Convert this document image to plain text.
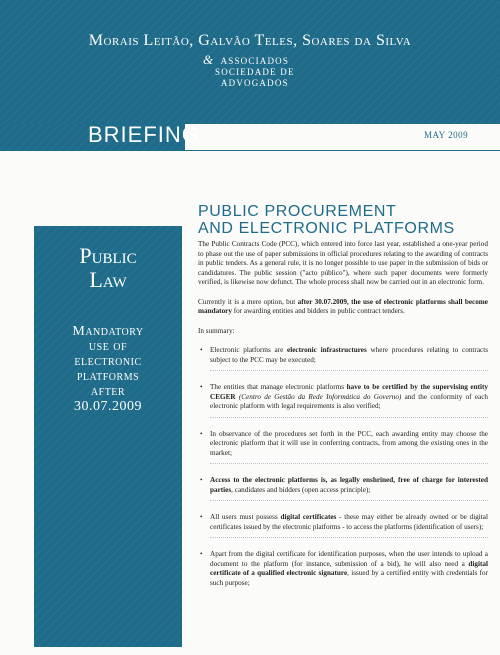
Morais Leitão, Galvão Teles, Soares da Silva
& ASSOCIADOS
SOCIEDADE DE
ADVOGADOS
BRIEFING	MAY 2009
Public
Law
Mandatory
use of
electronic
platforms
after
30.07.2009
PUBLIC PROCUREMENT
AND ELECTRONIC PLATFORMS

The Public Contracts Code (PCC), which entered into force last year, established a one-year period to phase out the use of paper submissions in official procedures relating to the awarding of contracts in public tenders. As a general rule, it is no longer possible to use paper in the submission of bids or candidatures. The public session ("acto público"), where such paper documents were formerly verified, is likewise now defunct. The whole process shall now be carried out in an electronic form.

Currently it is a mere option, but after 30.07.2009, the use of electronic platforms shall become mandatory for awarding entities and bidders in public contract tenders.

In summary:

• Electronic platforms are electronic infrastructures where procedures relating to contracts subject to the PCC may be executed;
• The entities that manage electronic platforms have to be certified by the supervising entity CEGER (Centro de Gestão da Rede Informática do Governo) and the conformity of each electronic platform with legal requirements is also verified;
• In observance of the procedures set forth in the PCC, each awarding entity may choose the electronic platform that it will use in conferring contracts, from among the existing ones in the market;
• Access to the electronic platforms is, as legally enshrined, free of charge for interested parties, candidates and bidders (open access principle);
• All users must possess digital certificates - these may either be already owned or be digital certificates issued by the electronic platforms - to access the platforms (identification of users);
• Apart from the digital certificate for identification purposes, when the user intends to upload a document to the platform (for instance, submission of a bid), he will also need a digital certificate of a qualified electronic signature, issued by a certified entity with credentials for such purpose;
